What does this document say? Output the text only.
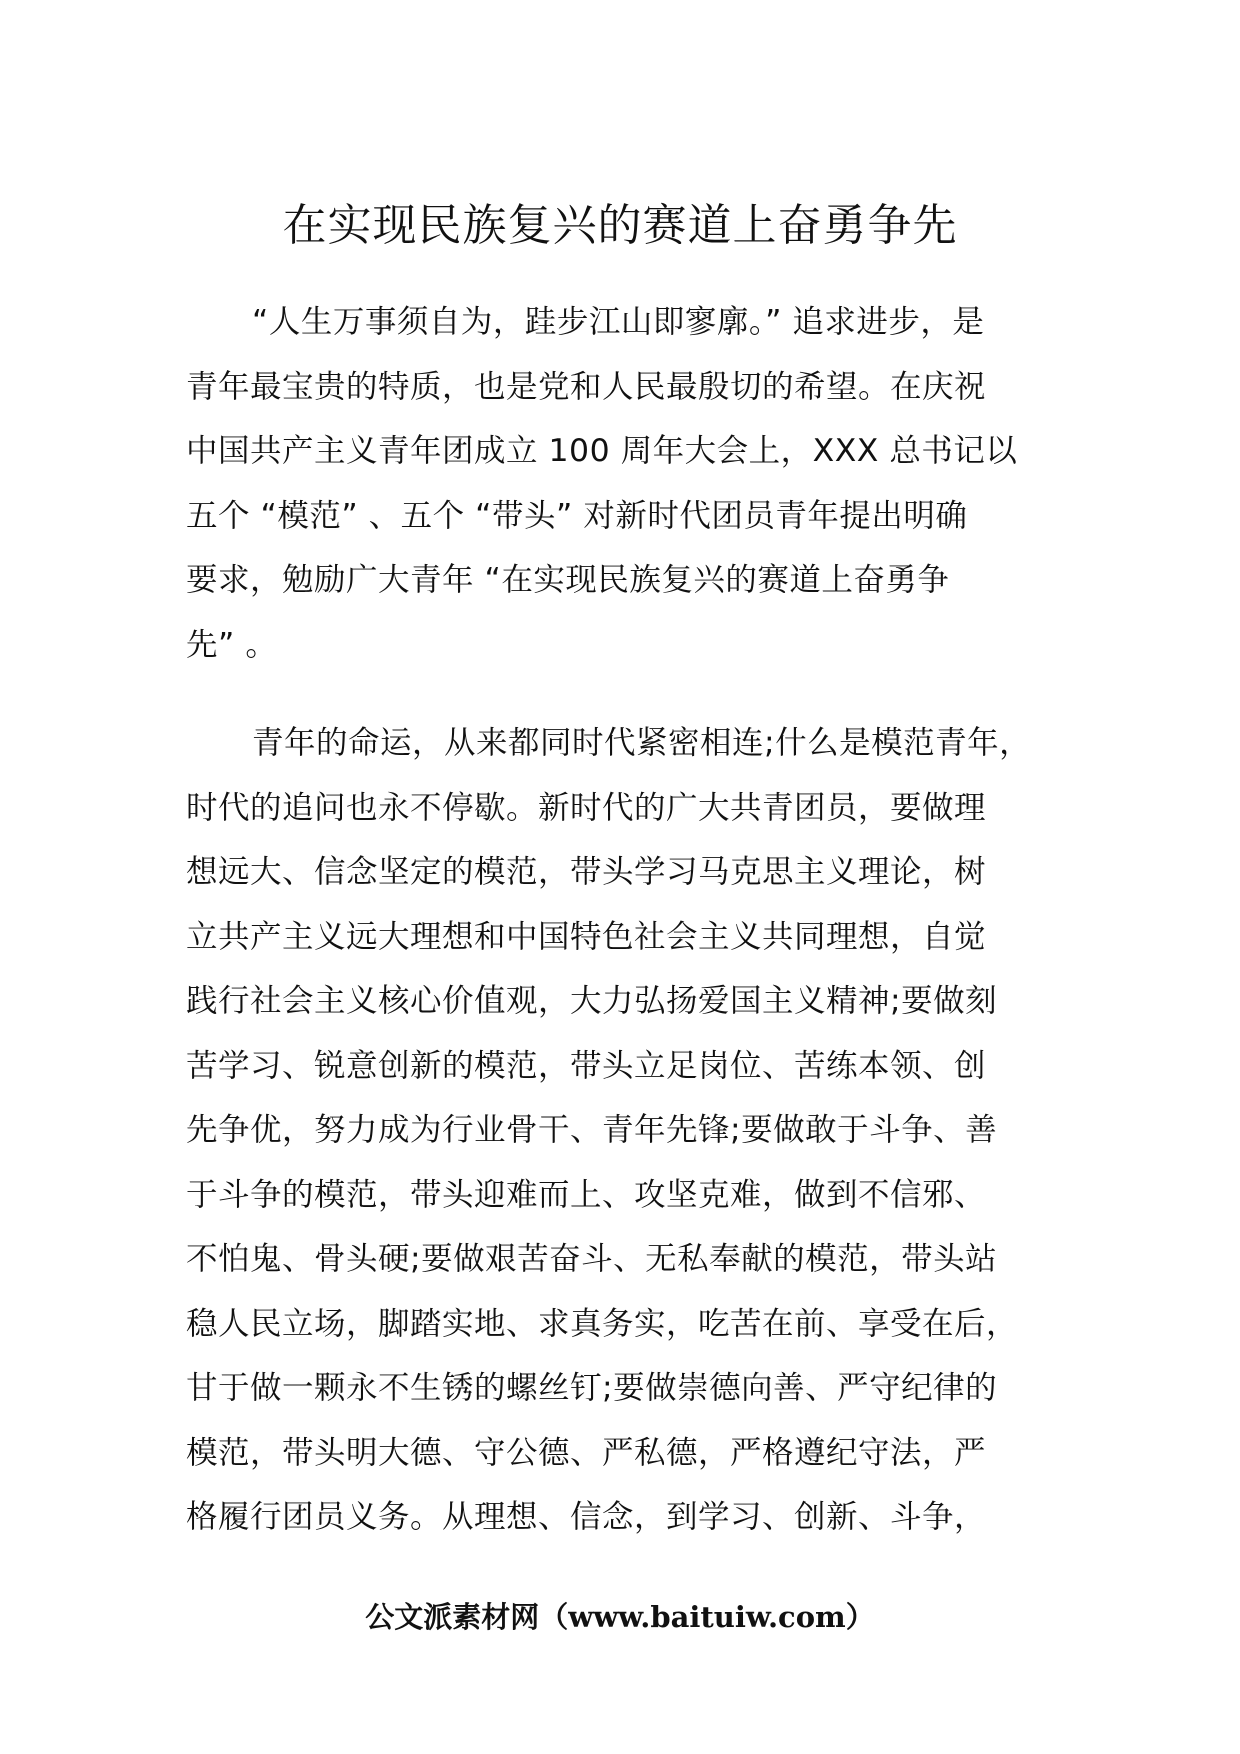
在实现民族复兴的赛道上奋勇争先
“人生万事须自为，跬步江山即寥廓。” 追求进步，是
青年最宝贵的特质，也是党和人民最殷切的希望。在庆祝
中国共产主义青年团成立 100 周年大会上，XXX 总书记以
五个 “模范” 、五个 “带头” 对新时代团员青年提出明确
要求，勉励广大青年 “在实现民族复兴的赛道上奋勇争
先” 。
青年的命运，从来都同时代紧密相连;什么是模范青年，
时代的追问也永不停歇。新时代的广大共青团员，要做理
想远大、信念坚定的模范，带头学习马克思主义理论，树
立共产主义远大理想和中国特色社会主义共同理想，自觉
践行社会主义核心价值观，大力弘扬爱国主义精神;要做刻
苦学习、锐意创新的模范，带头立足岗位、苦练本领、创
先争优，努力成为行业骨干、青年先锋;要做敢于斗争、善
于斗争的模范，带头迎难而上、攻坚克难，做到不信邪、
不怕鬼、骨头硬;要做艰苦奋斗、无私奉献的模范，带头站
稳人民立场，脚踏实地、求真务实，吃苦在前、享受在后，
甘于做一颗永不生锈的螺丝钉;要做崇德向善、严守纪律的
模范，带头明大德、守公德、严私德，严格遵纪守法，严
格履行团员义务。从理想、信念，到学习、创新、斗争，
公文派素材网（www.baituiw.com）
